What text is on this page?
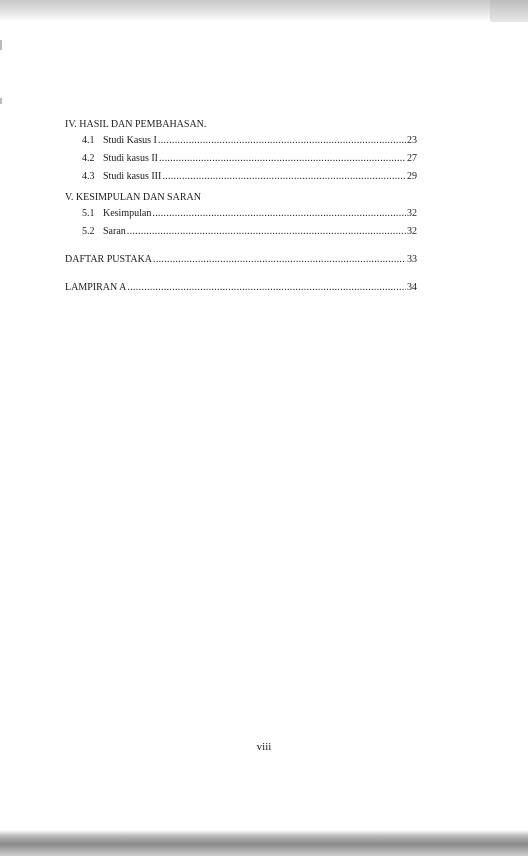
IV. HASIL DAN PEMBAHASAN.
4.1 Studi Kasus I .....	23
4.2 Studi kasus II .....	27
4.3 Studi kasus III .....	29
V. KESIMPULAN DAN SARAN
5.1 Kesimpulan .....	32
5.2 Saran .....	32
DAFTAR PUSTAKA .....	33
LAMPIRAN A .....	34
viii
